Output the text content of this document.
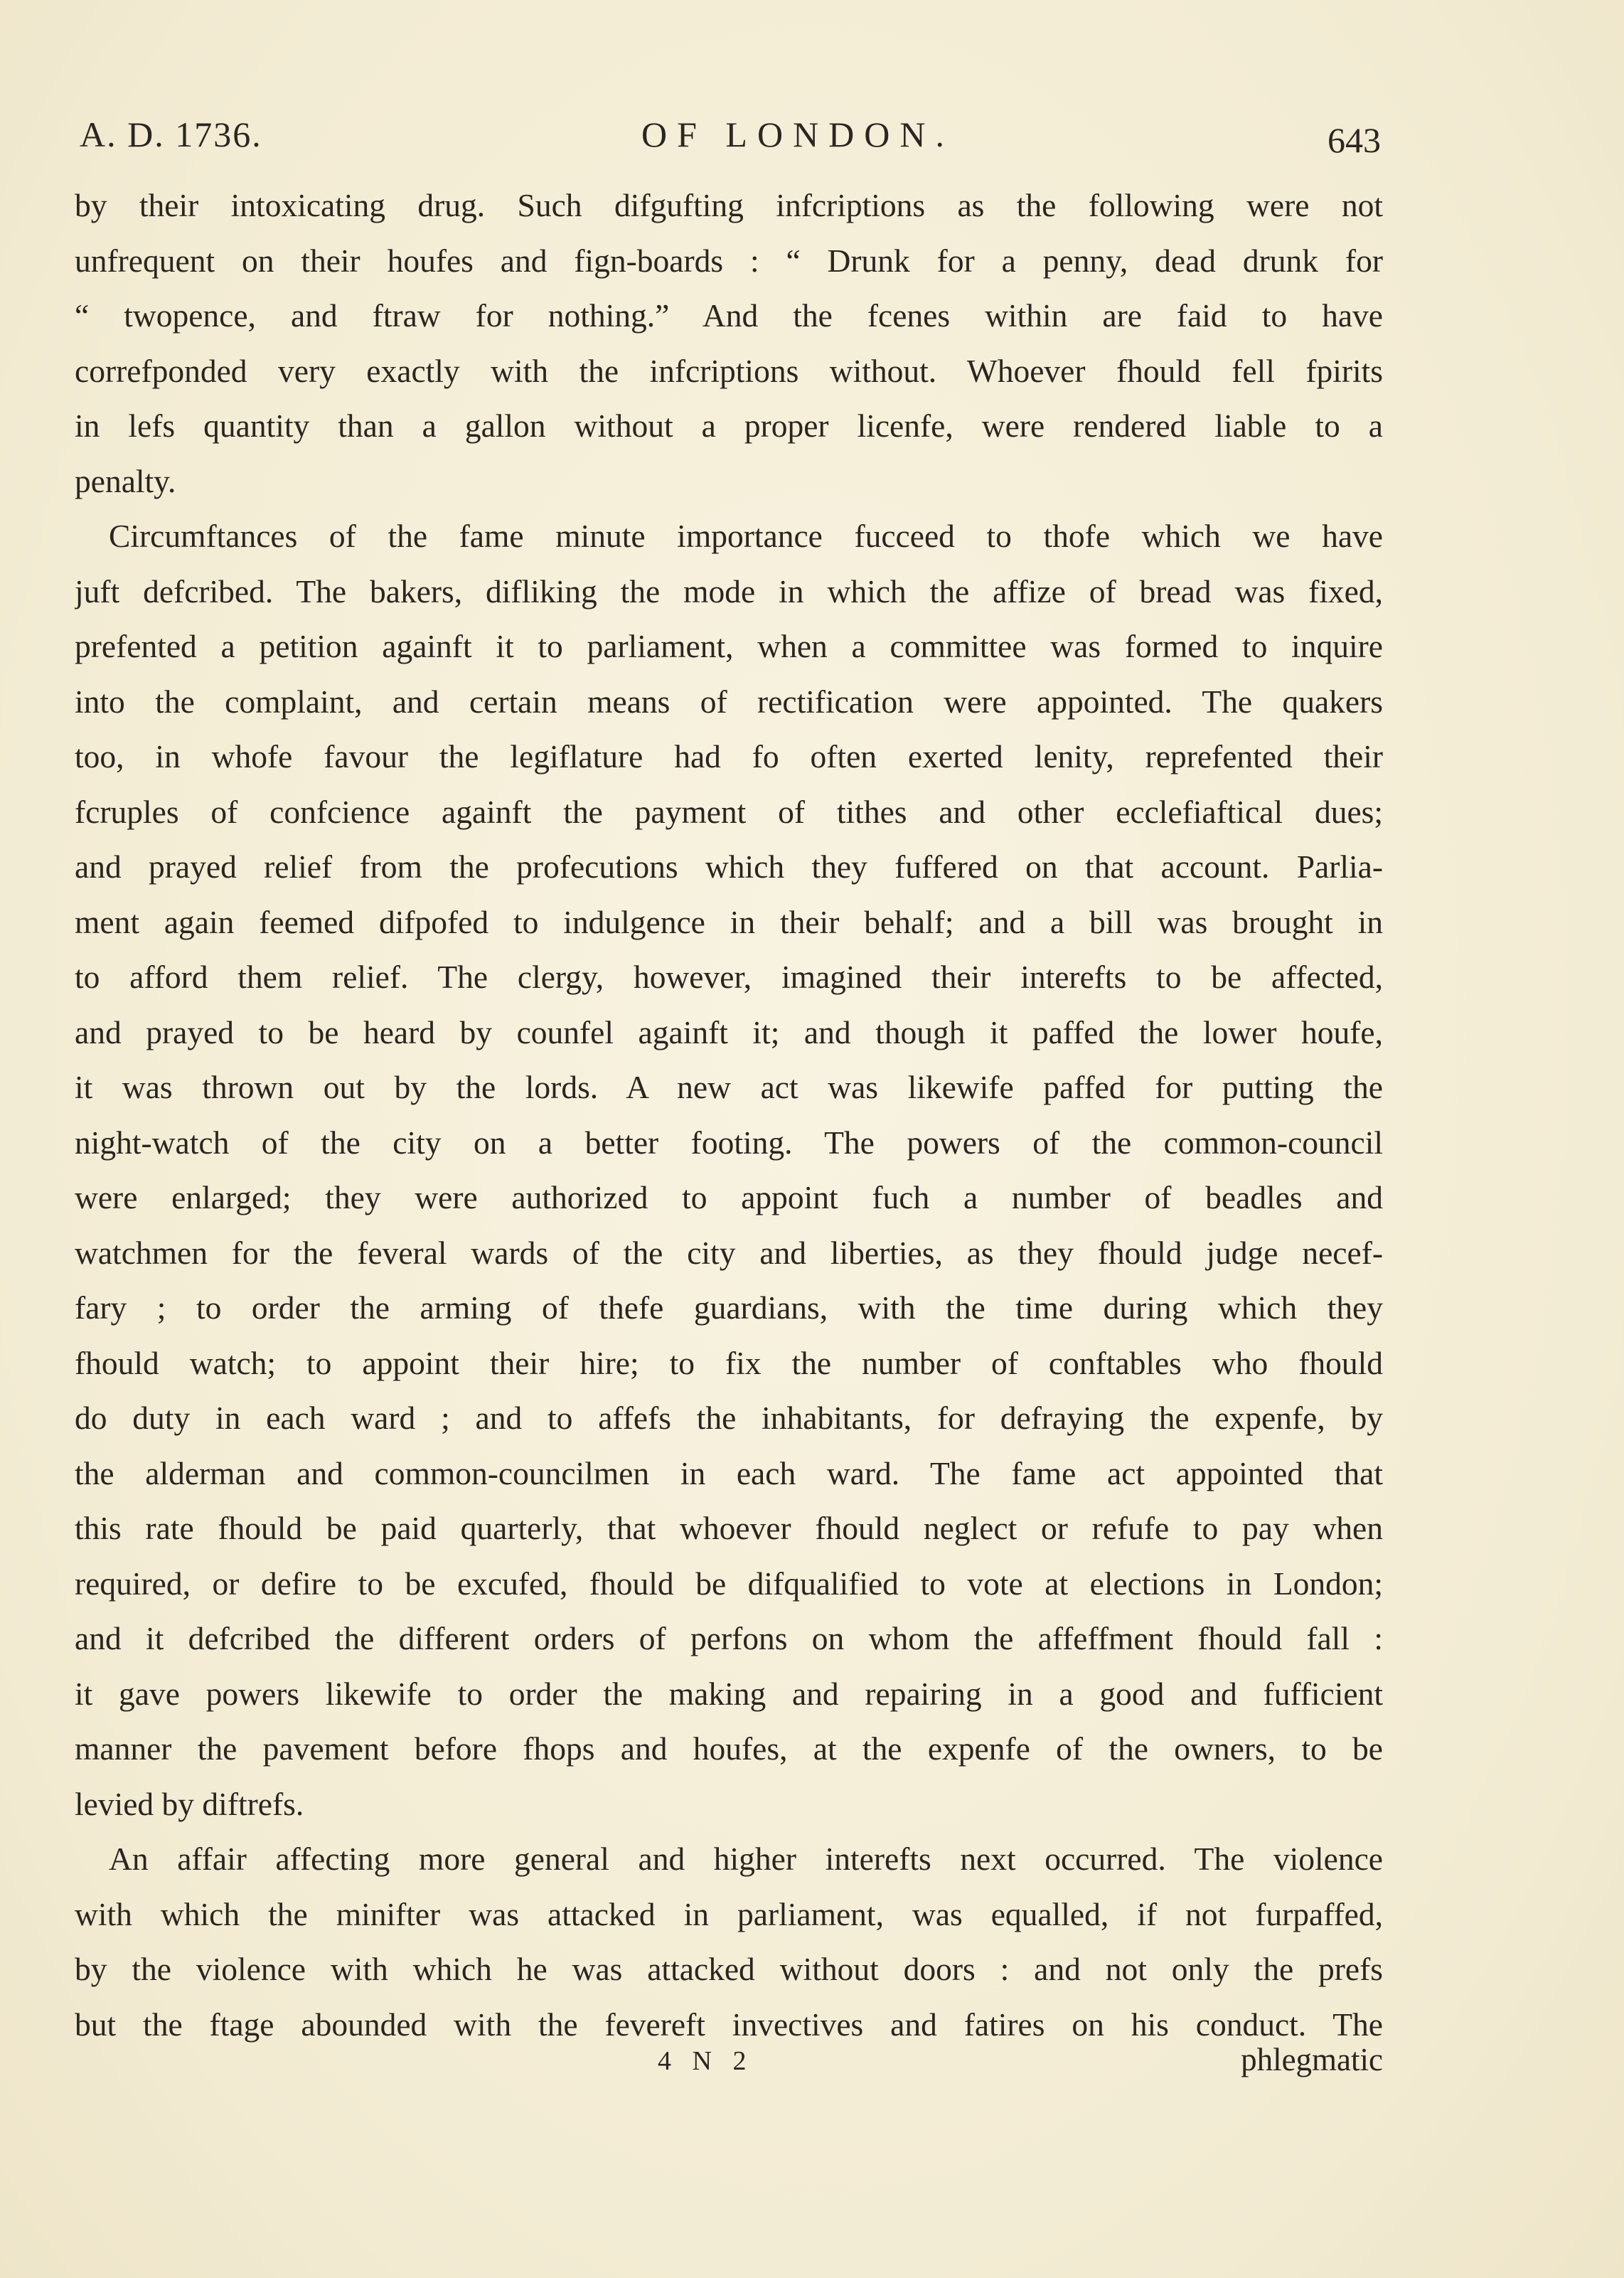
A. D. 1736.	OF LONDON.	643
by their intoxicating drug. Such difgufting infcriptions as the following were not
unfrequent on their houfes and fign-boards : “ Drunk for a penny, dead drunk for
“ twopence, and ftraw for nothing.” And the fcenes within are faid to have
correfponded very exactly with the infcriptions without. Whoever fhould fell fpirits
in lefs quantity than a gallon without a proper licenfe, were rendered liable to a
penalty.
Circumftances of the fame minute importance fucceed to thofe which we have
juft defcribed. The bakers, difliking the mode in which the affize of bread was fixed,
prefented a petition againft it to parliament, when a committee was formed to inquire
into the complaint, and certain means of rectification were appointed. The quakers
too, in whofe favour the legiflature had fo often exerted lenity, reprefented their
fcruples of confcience againft the payment of tithes and other ecclefiaftical dues;
and prayed relief from the profecutions which they fuffered on that account. Parlia-
ment again feemed difpofed to indulgence in their behalf; and a bill was brought in
to afford them relief. The clergy, however, imagined their interefts to be affected,
and prayed to be heard by counfel againft it; and though it paffed the lower houfe,
it was thrown out by the lords. A new act was likewife paffed for putting the
night-watch of the city on a better footing. The powers of the common-council
were enlarged; they were authorized to appoint fuch a number of beadles and
watchmen for the feveral wards of the city and liberties, as they fhould judge necef-
fary ; to order the arming of thefe guardians, with the time during which they
fhould watch; to appoint their hire; to fix the number of conftables who fhould
do duty in each ward ; and to affefs the inhabitants, for defraying the expenfe, by
the alderman and common-councilmen in each ward. The fame act appointed that
this rate fhould be paid quarterly, that whoever fhould neglect or refufe to pay when
required, or defire to be excufed, fhould be difqualified to vote at elections in London;
and it defcribed the different orders of perfons on whom the affeffment fhould fall :
it gave powers likewife to order the making and repairing in a good and fufficient
manner the pavement before fhops and houfes, at the expenfe of the owners, to be
levied by diftrefs.
An affair affecting more general and higher interefts next occurred. The violence
with which the minifter was attacked in parliament, was equalled, if not furpaffed,
by the violence with which he was attacked without doors : and not only the prefs
but the ftage abounded with the fevereft invectives and fatires on his conduct. The
4 N 2	phlegmatic
